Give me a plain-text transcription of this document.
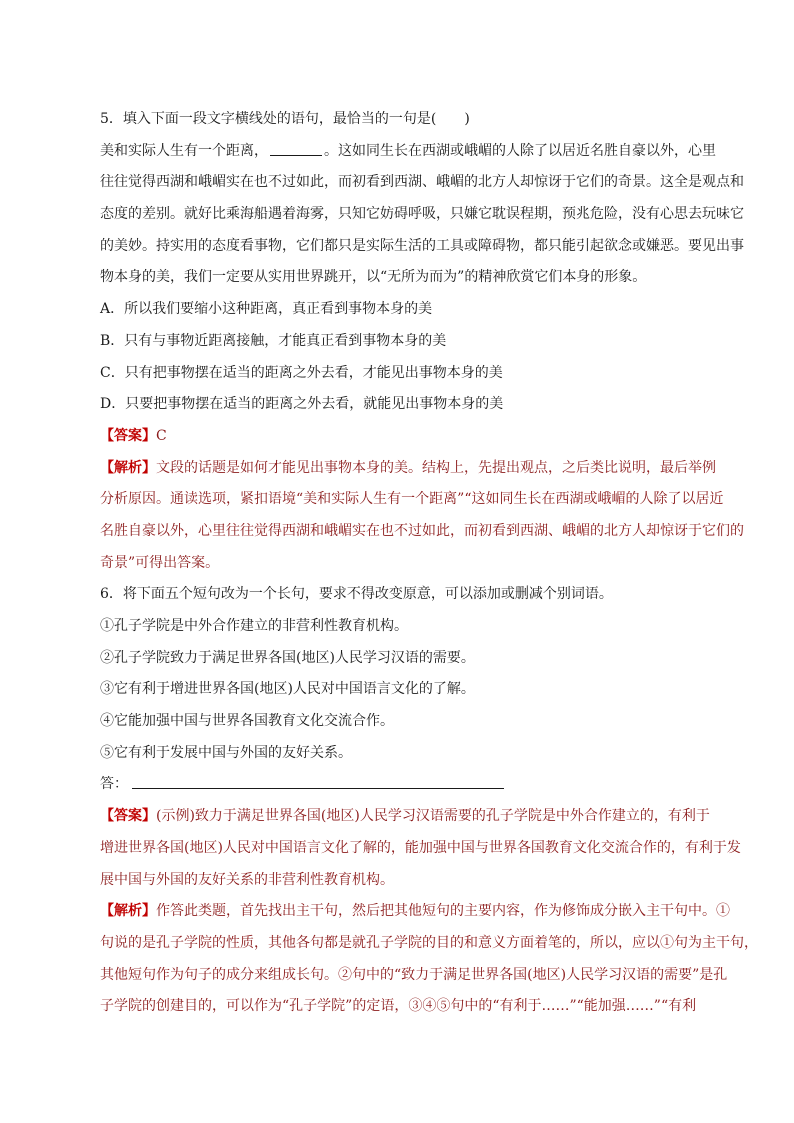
5．填入下面一段文字横线处的语句，最恰当的一句是(　　)
美和实际人生有一个距离，	。这如同生长在西湖或峨嵋的人除了以居近名胜自豪以外，心里
往往觉得西湖和峨嵋实在也不过如此，而初看到西湖、峨嵋的北方人却惊讶于它们的奇景。这全是观点和
态度的差别。就好比乘海船遇着海雾，只知它妨碍呼吸，只嫌它耽误程期，预兆危险，没有心思去玩味它
的美妙。持实用的态度看事物，它们都只是实际生活的工具或障碍物，都只能引起欲念或嫌恶。要见出事
物本身的美，我们一定要从实用世界跳开，以“无所为而为”的精神欣赏它们本身的形象。
A．所以我们要缩小这种距离，真正看到事物本身的美
B．只有与事物近距离接触，才能真正看到事物本身的美
C．只有把事物摆在适当的距离之外去看，才能见出事物本身的美
D．只要把事物摆在适当的距离之外去看，就能见出事物本身的美
【答案】C
【解析】文段的话题是如何才能见出事物本身的美。结构上，先提出观点，之后类比说明，最后举例
分析原因。通读选项，紧扣语境“美和实际人生有一个距离”“这如同生长在西湖或峨嵋的人除了以居近
名胜自豪以外，心里往往觉得西湖和峨嵋实在也不过如此，而初看到西湖、峨嵋的北方人却惊讶于它们的
奇景”可得出答案。
6．将下面五个短句改为一个长句，要求不得改变原意，可以添加或删减个别词语。
①孔子学院是中外合作建立的非营利性教育机构。
②孔子学院致力于满足世界各国(地区)人民学习汉语的需要。
③它有利于增进世界各国(地区)人民对中国语言文化的了解。
④它能加强中国与世界各国教育文化交流合作。
⑤它有利于发展中国与外国的友好关系。
答：
【答案】(示例)致力于满足世界各国(地区)人民学习汉语需要的孔子学院是中外合作建立的，有利于
增进世界各国(地区)人民对中国语言文化了解的，能加强中国与世界各国教育文化交流合作的，有利于发
展中国与外国的友好关系的非营利性教育机构。
【解析】作答此类题，首先找出主干句，然后把其他短句的主要内容，作为修饰成分嵌入主干句中。①
句说的是孔子学院的性质，其他各句都是就孔子学院的目的和意义方面着笔的，所以，应以①句为主干句，
其他短句作为句子的成分来组成长句。②句中的“致力于满足世界各国(地区)人民学习汉语的需要”是孔
子学院的创建目的，可以作为“孔子学院”的定语，③④⑤句中的“有利于……”“能加强……”“有利
